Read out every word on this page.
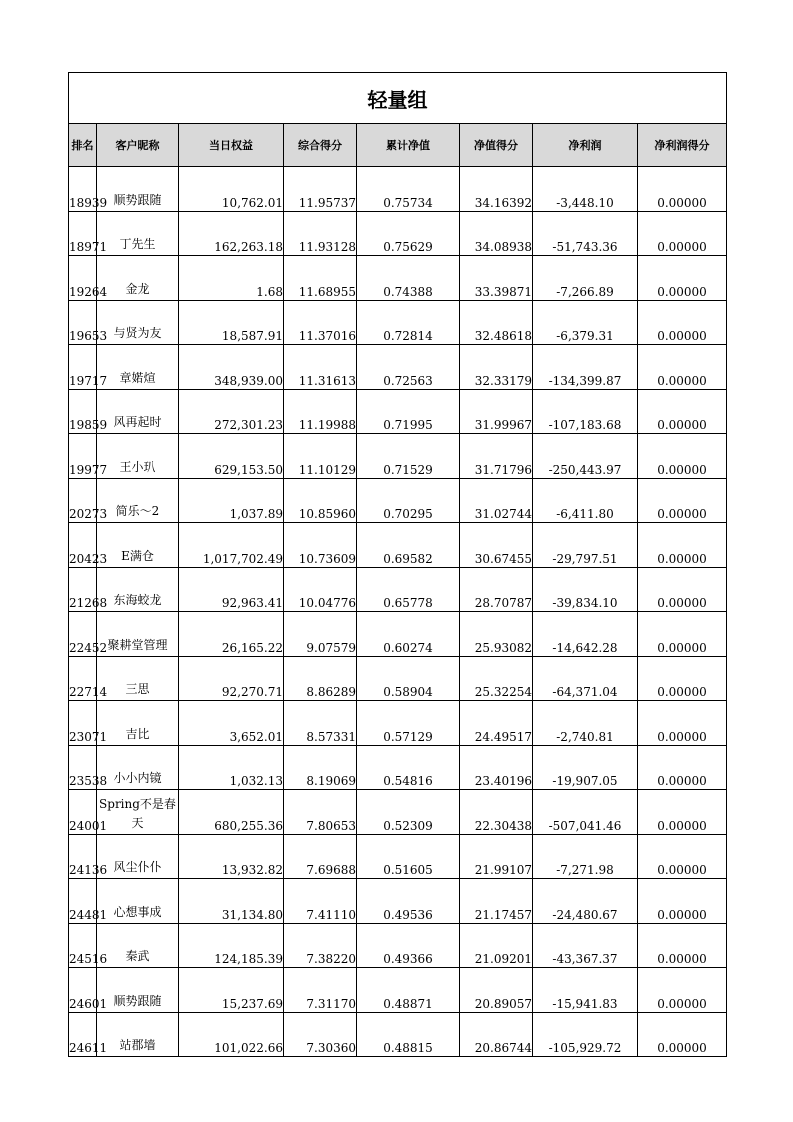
轻量组							
排名	客户昵称	当日权益	综合得分	累计净值	净值得分	净利润	净利润得分
18939	顺势跟随	10,762.01	11.95737	0.75734	34.16392	-3,448.10	0.00000
18971	丁先生	162,263.18	11.93128	0.75629	34.08938	-51,743.36	0.00000
19264	金龙	1.68	11.68955	0.74388	33.39871	-7,266.89	0.00000
19653	与贤为友	18,587.91	11.37016	0.72814	32.48618	-6,379.31	0.00000
19717	章婼煊	348,939.00	11.31613	0.72563	32.33179	-134,399.87	0.00000
19859	风再起时	272,301.23	11.19988	0.71995	31.99967	-107,183.68	0.00000
19977	王小玐	629,153.50	11.10129	0.71529	31.71796	-250,443.97	0.00000
20273	简乐～2	1,037.89	10.85960	0.70295	31.02744	-6,411.80	0.00000
20423	E满仓	1,017,702.49	10.73609	0.69582	30.67455	-29,797.51	0.00000
21268	东海蛟龙	92,963.41	10.04776	0.65778	28.70787	-39,834.10	0.00000
22452	聚耕堂管理	26,165.22	9.07579	0.60274	25.93082	-14,642.28	0.00000
22714	三思	92,270.71	8.86289	0.58904	25.32254	-64,371.04	0.00000
23071	吉比	3,652.01	8.57331	0.57129	24.49517	-2,740.81	0.00000
23538	小小内镜	1,032.13	8.19069	0.54816	23.40196	-19,907.05	0.00000
24001	Spring不是春天	680,255.36	7.80653	0.52309	22.30438	-507,041.46	0.00000
24136	风尘仆仆	13,932.82	7.69688	0.51605	21.99107	-7,271.98	0.00000
24481	心想事成	31,134.80	7.41110	0.49536	21.17457	-24,480.67	0.00000
24516	秦武	124,185.39	7.38220	0.49366	21.09201	-43,367.37	0.00000
24601	顺势跟随	15,237.69	7.31170	0.48871	20.89057	-15,941.83	0.00000
24611	站郡墙	101,022.66	7.30360	0.48815	20.86744	-105,929.72	0.00000
